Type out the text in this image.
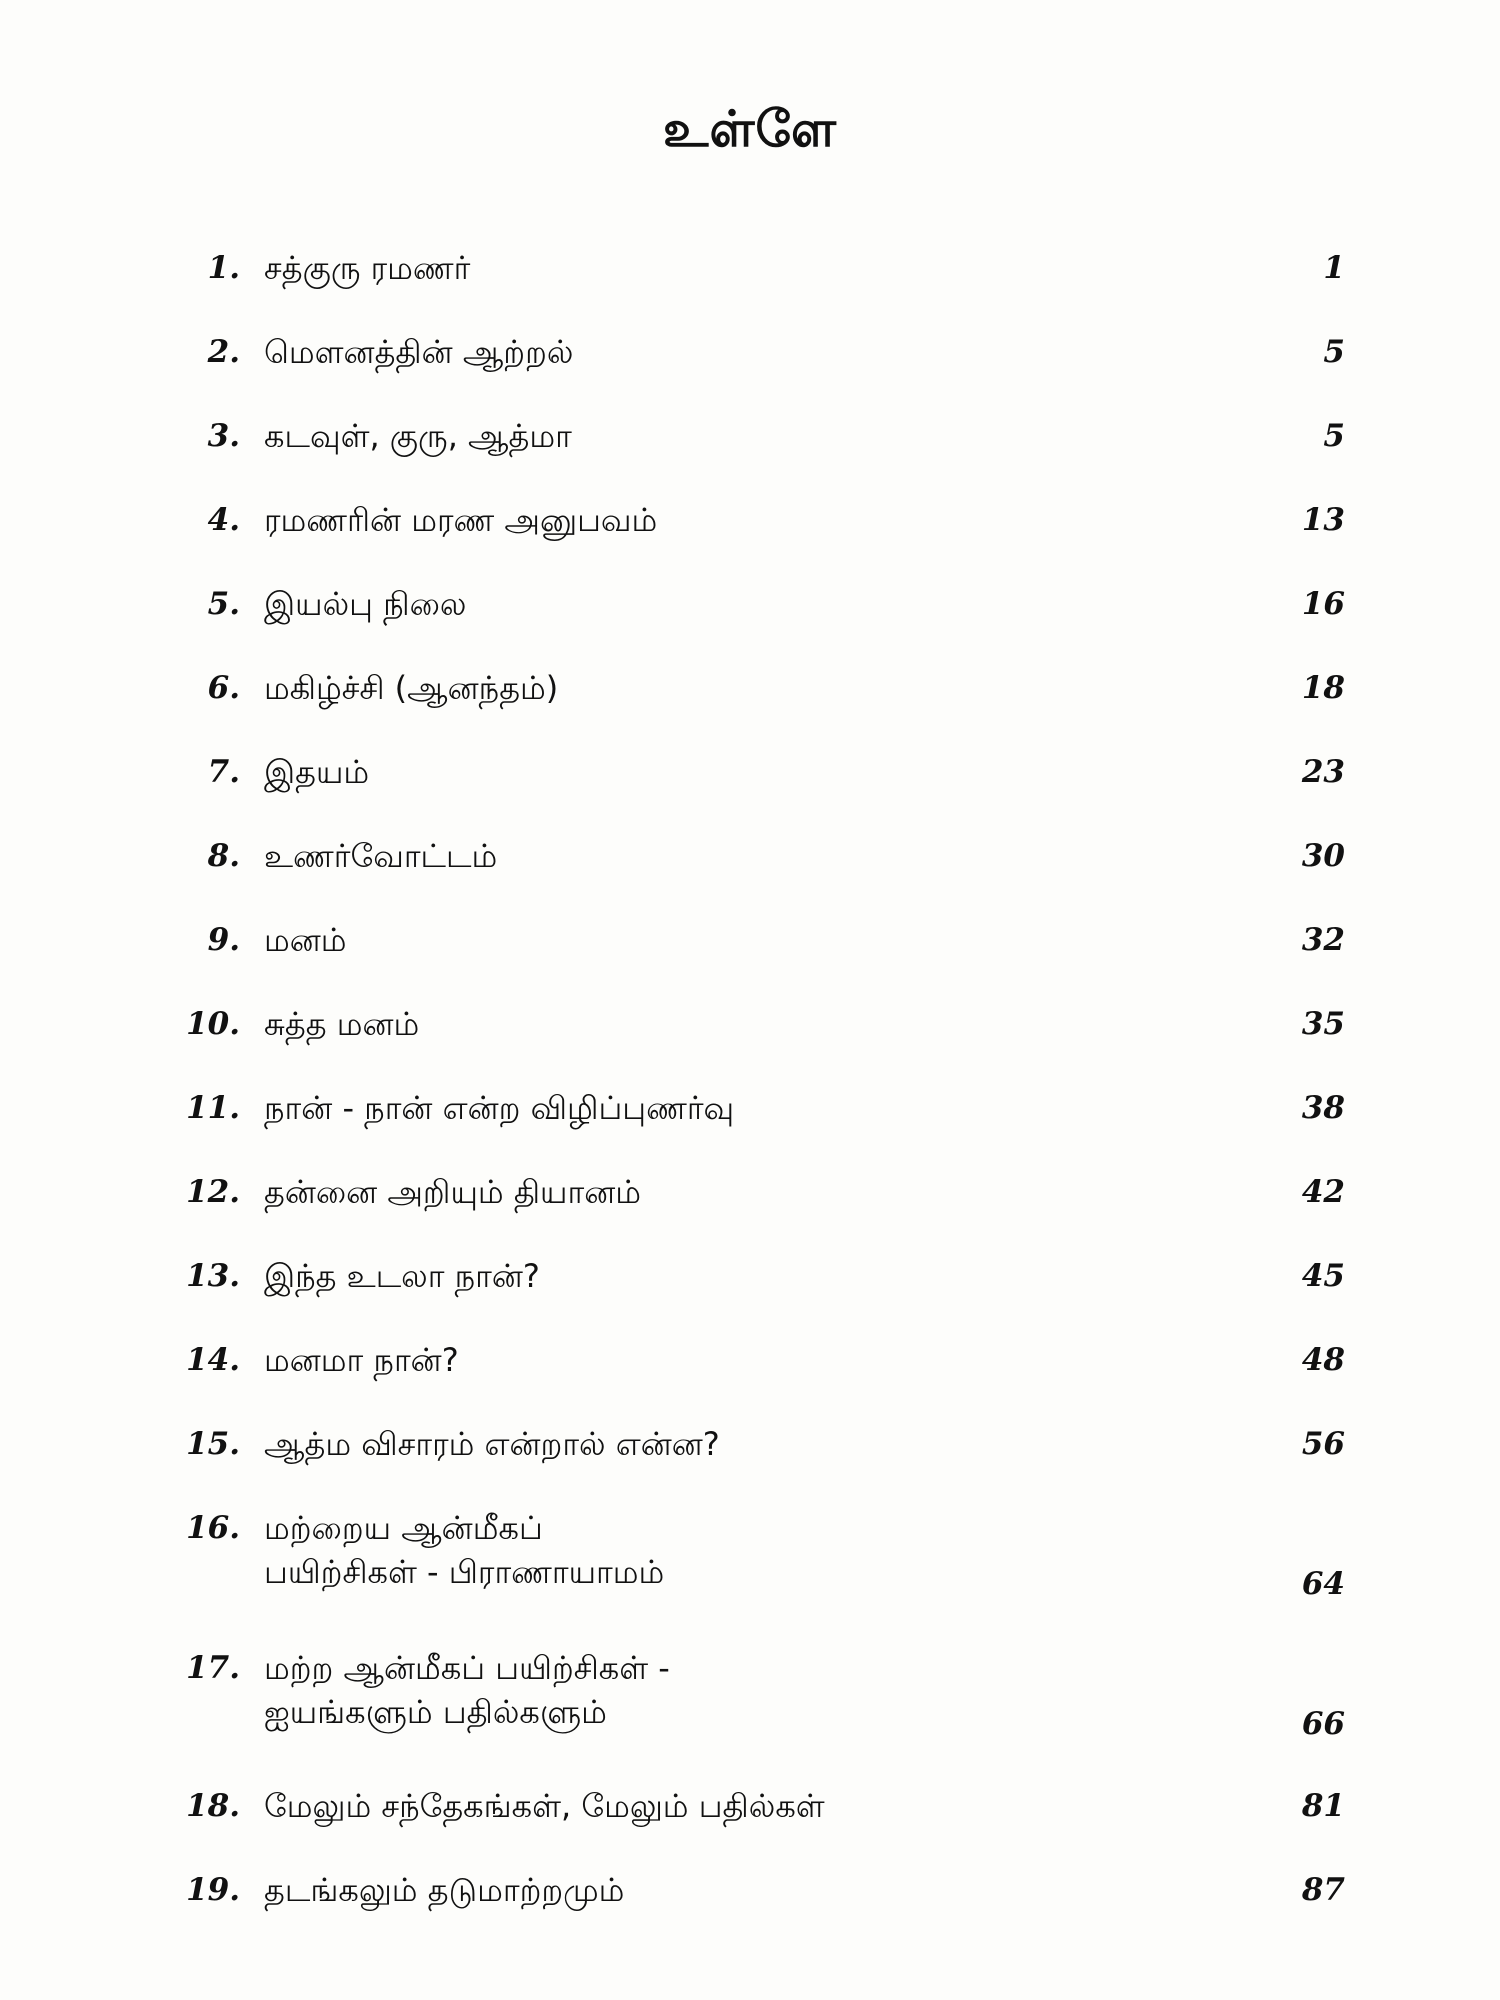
உள்ளே
1. சத்குரு ரமணர்	1
2. மௌனத்தின் ஆற்றல்	5
3. கடவுள், குரு, ஆத்மா	5
4. ரமணரின் மரண அனுபவம்	13
5. இயல்பு நிலை	16
6. மகிழ்ச்சி (ஆனந்தம்)	18
7. இதயம்	23
8. உணர்வோட்டம்	30
9. மனம்	32
10. சுத்த மனம்	35
11. நான் - நான் என்ற விழிப்புணர்வு	38
12. தன்னை அறியும் தியானம்	42
13. இந்த உடலா நான்?	45
14. மனமா நான்?	48
15. ஆத்ம விசாரம் என்றால் என்ன?	56
16. மற்றைய ஆன்மீகப்
பயிற்சிகள் - பிராணாயாமம்	64
17. மற்ற ஆன்மீகப் பயிற்சிகள் -
ஐயங்களும் பதில்களும்	66
18. மேலும் சந்தேகங்கள், மேலும் பதில்கள்	81
19. தடங்கலும் தடுமாற்றமும்	87
